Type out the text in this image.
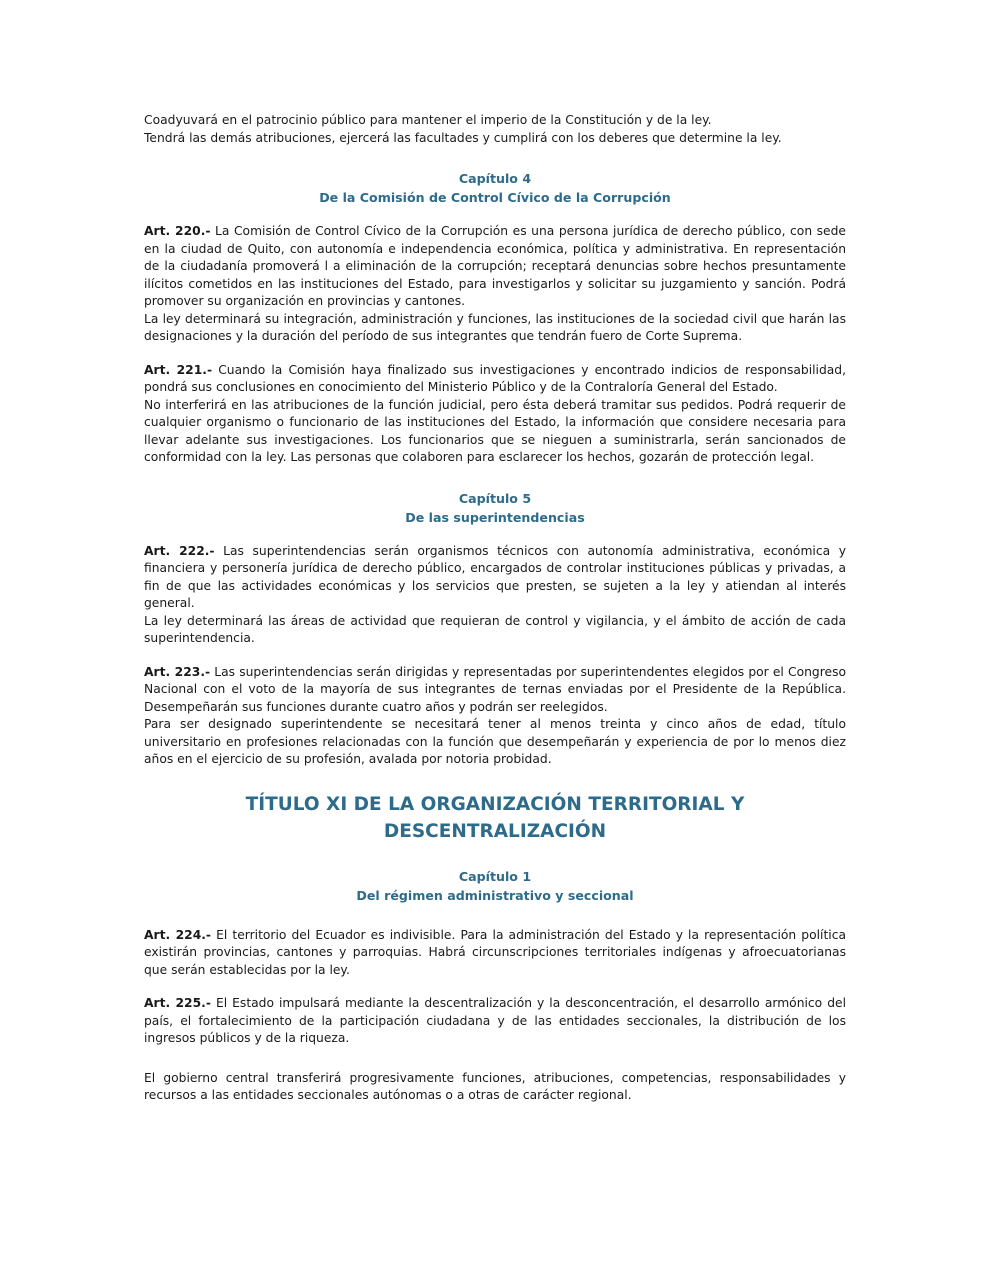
Coadyuvará en el patrocinio público para mantener el imperio de la Constitución y de la ley.

Tendrá las demás atribuciones, ejercerá las facultades y cumplirá con los deberes que determine la ley.

Capítulo 4
De la Comisión de Control Cívico de la Corrupción

Art. 220.- La Comisión de Control Cívico de la Corrupción es una persona jurídica de derecho público, con sede en la ciudad de Quito, con autonomía e independencia económica, política y administrativa. En representación de la ciudadanía promoverá l a eliminación de la corrupción; receptará denuncias sobre hechos presuntamente ilícitos cometidos en las instituciones del Estado, para investigarlos y solicitar su juzgamiento y sanción. Podrá promover su organización en provincias y cantones.

La ley determinará su integración, administración y funciones, las instituciones de la sociedad civil que harán las designaciones y la duración del período de sus integrantes que tendrán fuero de Corte Suprema.

Art. 221.- Cuando la Comisión haya finalizado sus investigaciones y encontrado indicios de responsabilidad, pondrá sus conclusiones en conocimiento del Ministerio Público y de la Contraloría General del Estado.

No interferirá en las atribuciones de la función judicial, pero ésta deberá tramitar sus pedidos. Podrá requerir de cualquier organismo o funcionario de las instituciones del Estado, la información que considere necesaria para llevar adelante sus investigaciones. Los funcionarios que se nieguen a suministrarla, serán sancionados de conformidad con la ley. Las personas que colaboren para esclarecer los hechos, gozarán de protección legal.

Capítulo 5
De las superintendencias

Art. 222.- Las superintendencias serán organismos técnicos con autonomía administrativa, económica y financiera y personería jurídica de derecho público, encargados de controlar instituciones públicas y privadas, a fin de que las actividades económicas y los servicios que presten, se sujeten a la ley y atiendan al interés general.

La ley determinará las áreas de actividad que requieran de control y vigilancia, y el ámbito de acción de cada superintendencia.

Art. 223.- Las superintendencias serán dirigidas y representadas por superintendentes elegidos por el Congreso Nacional con el voto de la mayoría de sus integrantes de ternas enviadas por el Presidente de la República. Desempeñarán sus funciones durante cuatro años y podrán ser reelegidos.

Para ser designado superintendente se necesitará tener al menos treinta y cinco años de edad, título universitario en profesiones relacionadas con la función que desempeñarán y experiencia de por lo menos diez años en el ejercicio de su profesión, avalada por notoria probidad.

TÍTULO XI DE LA ORGANIZACIÓN TERRITORIAL Y DESCENTRALIZACIÓN
Capítulo 1
Del régimen administrativo y seccional

Art. 224.- El territorio del Ecuador es indivisible. Para la administración del Estado y la representación política existirán provincias, cantones y parroquias. Habrá circunscripciones territoriales indígenas y afroecuatorianas que serán establecidas por la ley.

Art. 225.- El Estado impulsará mediante la descentralización y la desconcentración, el desarrollo armónico del país, el fortalecimiento de la participación ciudadana y de las entidades seccionales, la distribución de los ingresos públicos y de la riqueza.

El gobierno central transferirá progresivamente funciones, atribuciones, competencias, responsabilidades y recursos a las entidades seccionales autónomas o a otras de carácter regional.
